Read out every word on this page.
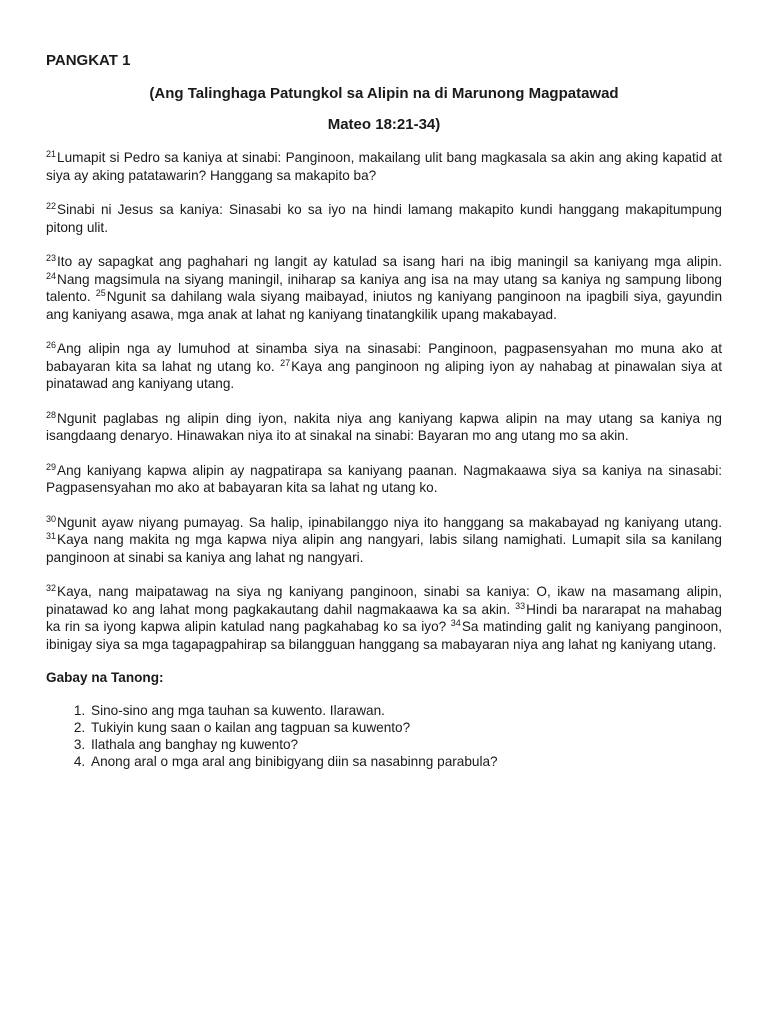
PANGKAT 1

(Ang Talinghaga Patungkol sa Alipin na di Marunong Magpatawad

Mateo 18:21-34)

$^{21}$Lumapit si Pedro sa kaniya at sinabi: Panginoon, makailang ulit bang magkasala sa akin ang aking kapatid at siya ay aking patatawarin? Hanggang sa makapito ba?

$^{22}$Sinabi ni Jesus sa kaniya: Sinasabi ko sa iyo na hindi lamang makapito kundi hanggang makapitumpung pitong ulit.

$^{23}$Ito ay sapagkat ang paghahari ng langit ay katulad sa isang hari na ibig maningil sa kaniyang mga alipin. $^{24}$Nang magsimula na siyang maningil, iniharap sa kaniya ang isa na may utang sa kaniya ng sampung libong talento. $^{25}$Ngunit sa dahilang wala siyang maibayad, iniutos ng kaniyang panginoon na ipagbili siya, gayundin ang kaniyang asawa, mga anak at lahat ng kaniyang tinatangkilik upang makabayad.

$^{26}$Ang alipin nga ay lumuhod at sinamba siya na sinasabi: Panginoon, pagpasensyahan mo muna ako at babayaran kita sa lahat ng utang ko. $^{27}$Kaya ang panginoon ng aliping iyon ay nahabag at pinawalan siya at pinatawad ang kaniyang utang.

$^{28}$Ngunit paglabas ng alipin ding iyon, nakita niya ang kaniyang kapwa alipin na may utang sa kaniya ng isangdaang denaryo. Hinawakan niya ito at sinakal na sinabi: Bayaran mo ang utang mo sa akin.

$^{29}$Ang kaniyang kapwa alipin ay nagpatirapa sa kaniyang paanan. Nagmakaawa siya sa kaniya na sinasabi: Pagpasensyahan mo ako at babayaran kita sa lahat ng utang ko.

$^{30}$Ngunit ayaw niyang pumayag. Sa halip, ipinabilanggo niya ito hanggang sa makabayad ng kaniyang utang. $^{31}$Kaya nang makita ng mga kapwa niya alipin ang nangyari, labis silang namighati. Lumapit sila sa kanilang panginoon at sinabi sa kaniya ang lahat ng nangyari.

$^{32}$Kaya, nang maipatawag na siya ng kaniyang panginoon, sinabi sa kaniya: O, ikaw na masamang alipin, pinatawad ko ang lahat mong pagkakautang dahil nagmakaawa ka sa akin. $^{33}$Hindi ba nararapat na mahabag ka rin sa iyong kapwa alipin katulad nang pagkahabag ko sa iyo? $^{34}$Sa matinding galit ng kaniyang panginoon, ibinigay siya sa mga tagapagpahirap sa bilangguan hanggang sa mabayaran niya ang lahat ng kaniyang utang.

Gabay na Tanong:

1. Sino-sino ang mga tauhan sa kuwento. Ilarawan.
2. Tukiyin kung saan o kailan ang tagpuan sa kuwento?
3. Ilathala ang banghay ng kuwento?
4. Anong aral o mga aral ang binibigyang diin sa nasabinng parabula?
